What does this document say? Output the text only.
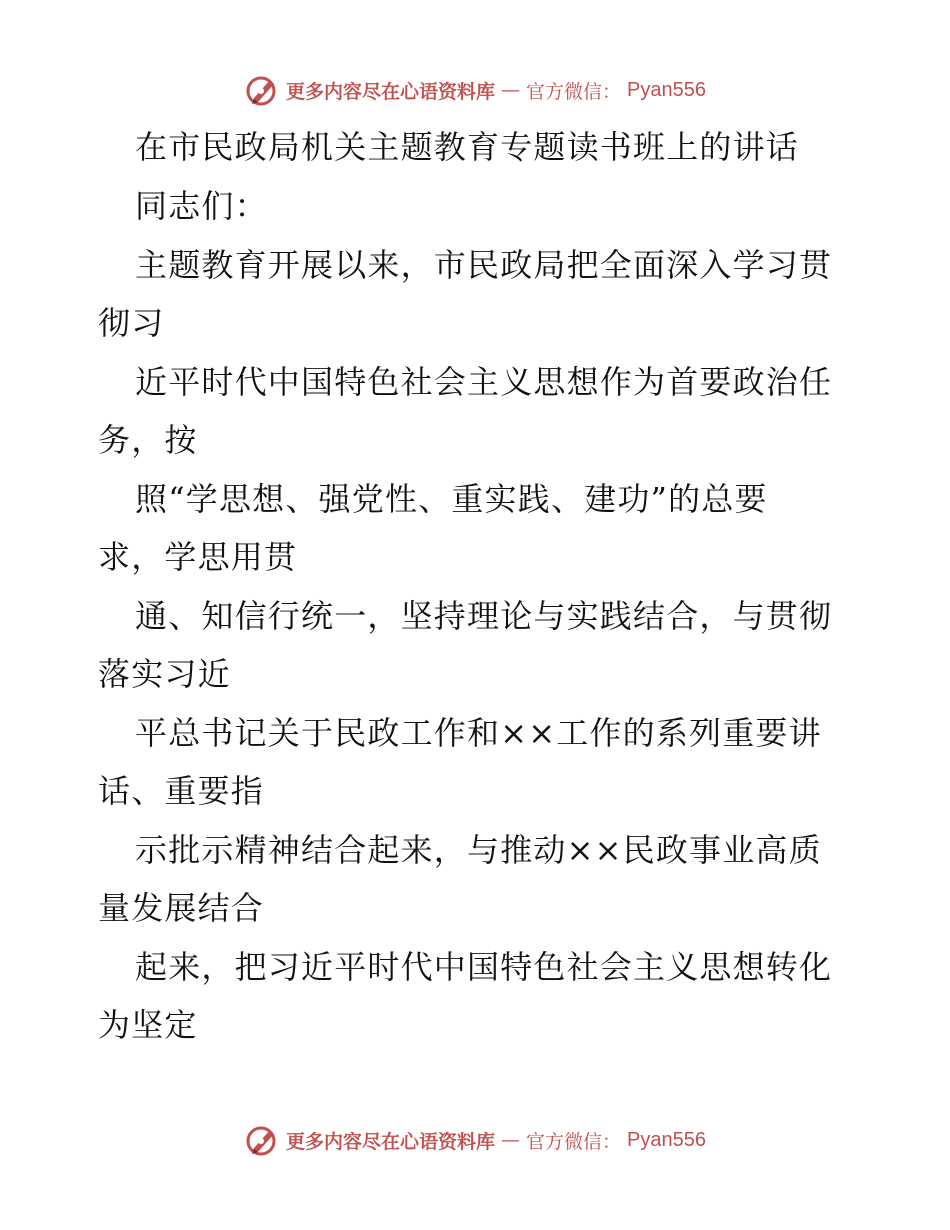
更多内容尽在心语资料库 — 官方微信： Pyan556
在市民政局机关主题教育专题读书班上的讲话
同志们：
主题教育开展以来，市民政局把全面深入学习贯
彻习
近平时代中国特色社会主义思想作为首要政治任
务，按
照“学思想、强党性、重实践、建功”的总要
求，学思用贯
通、知信行统一，坚持理论与实践结合，与贯彻
落实习近
平总书记关于民政工作和××工作的系列重要讲
话、重要指
示批示精神结合起来，与推动××民政事业高质
量发展结合
起来，把习近平时代中国特色社会主义思想转化
为坚定
更多内容尽在心语资料库 — 官方微信： Pyan556
